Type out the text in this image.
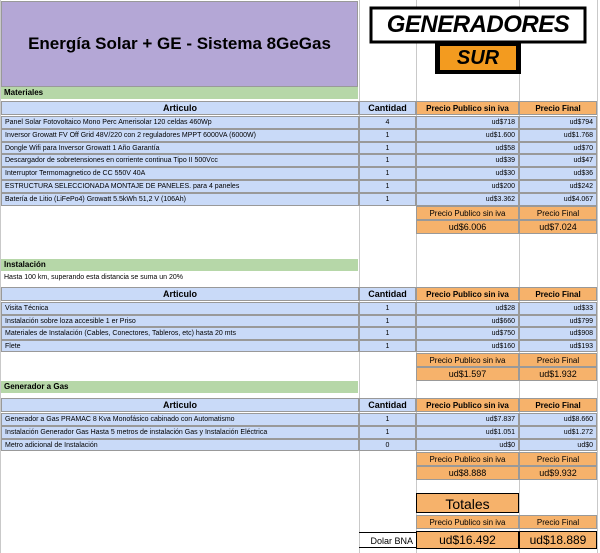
Energía Solar + GE - Sistema 8GeGas
GENERADORES
SUR
Materiales
Articulo	Cantidad	Precio Publico sin iva	Precio Final
Panel Solar Fotovoltaico Mono Perc Amerisolar 120 celdas 460Wp	4	ud$718	ud$794
Inversor Growatt FV Off Grid 48V/220 con 2 reguladores MPPT 6000VA (6000W)	1	ud$1.600	ud$1.768
Dongle Wifi para Inversor Growatt 1 Año Garantía	1	ud$58	ud$70
Descargador de sobretensiones en corriente continua Tipo II 500Vcc	1	ud$39	ud$47
Interruptor Termomagnetico de CC 550V 40A	1	ud$30	ud$36
ESTRUCTURA SELECCIONADA MONTAJE DE PANELES. para 4 paneles	1	ud$200	ud$242
Batería de Litio (LiFePo4) Growatt 5.5kWh 51,2 V (106Ah)	1	ud$3.362	ud$4.067
Precio Publico sin iva	Precio Final
ud$6.006	ud$7.024
Instalación
Hasta 100 km, superando esta distancia se suma un 20%
Articulo	Cantidad	Precio Publico sin iva	Precio Final
Visita Técnica	1	ud$28	ud$33
Instalación sobre loza accesible 1 er Priso	1	ud$660	ud$799
Materiales de Instalación (Cables, Conectores, Tableros, etc) hasta 20 mts	1	ud$750	ud$908
Flete	1	ud$160	ud$193
Precio Publico sin iva	Precio Final
ud$1.597	ud$1.932
Generador a Gas
Articulo	Cantidad	Precio Publico sin iva	Precio Final
Generador a Gas PRAMAC 8 Kva Monofásico cabinado con Automatismo	1	ud$7.837	ud$8.660
Instalación Generador Gas Hasta 5 metros de instalación Gas y Instalación Eléctrica	1	ud$1.051	ud$1.272
Metro adicional de Instalación	0	ud$0	ud$0
Precio Publico sin iva	Precio Final
ud$8.888	ud$9.932
Totales
Precio Publico sin iva	Precio Final
Dolar BNA	ud$16.492	ud$18.889
